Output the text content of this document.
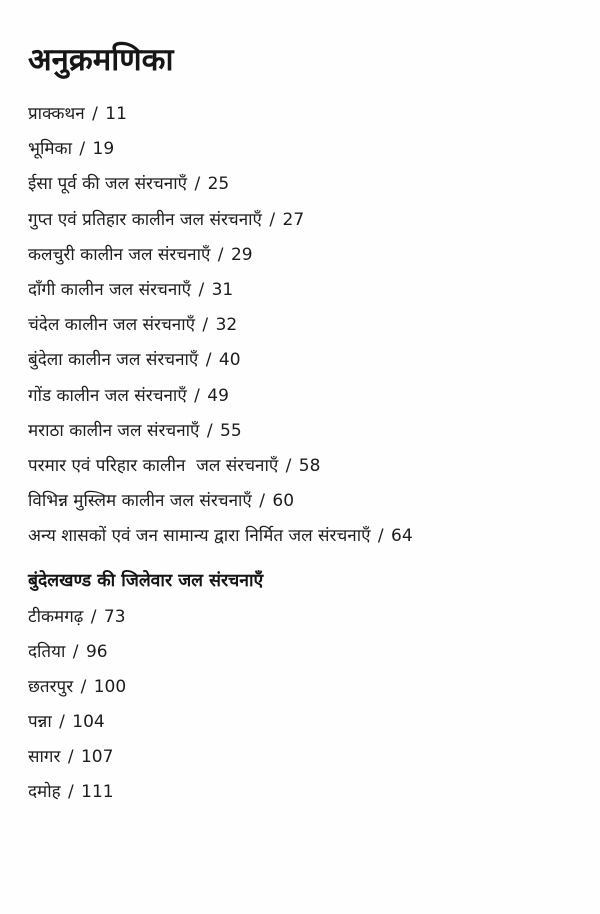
अनुक्रमणिका
प्राक्कथन / 11
भूमिका / 19
ईसा पूर्व की जल संरचनाएँ / 25
गुप्त एवं प्रतिहार कालीन जल संरचनाएँ / 27
कलचुरी कालीन जल संरचनाएँ / 29
दाँगी कालीन जल संरचनाएँ / 31
चंदेल कालीन जल संरचनाएँ / 32
बुंदेला कालीन जल संरचनाएँ / 40
गोंड कालीन जल संरचनाएँ / 49
मराठा कालीन जल संरचनाएँ / 55
परमार एवं परिहार कालीन  जल संरचनाएँ / 58
विभिन्न मुस्लिम कालीन जल संरचनाएँ / 60
अन्य शासकों एवं जन सामान्य द्वारा निर्मित जल संरचनाएँ / 64
बुंदेलखण्ड की जिलेवार जल संरचनाएँ
टीकमगढ़ / 73
दतिया / 96
छतरपुर / 100
पन्ना / 104
सागर / 107
दमोह / 111
